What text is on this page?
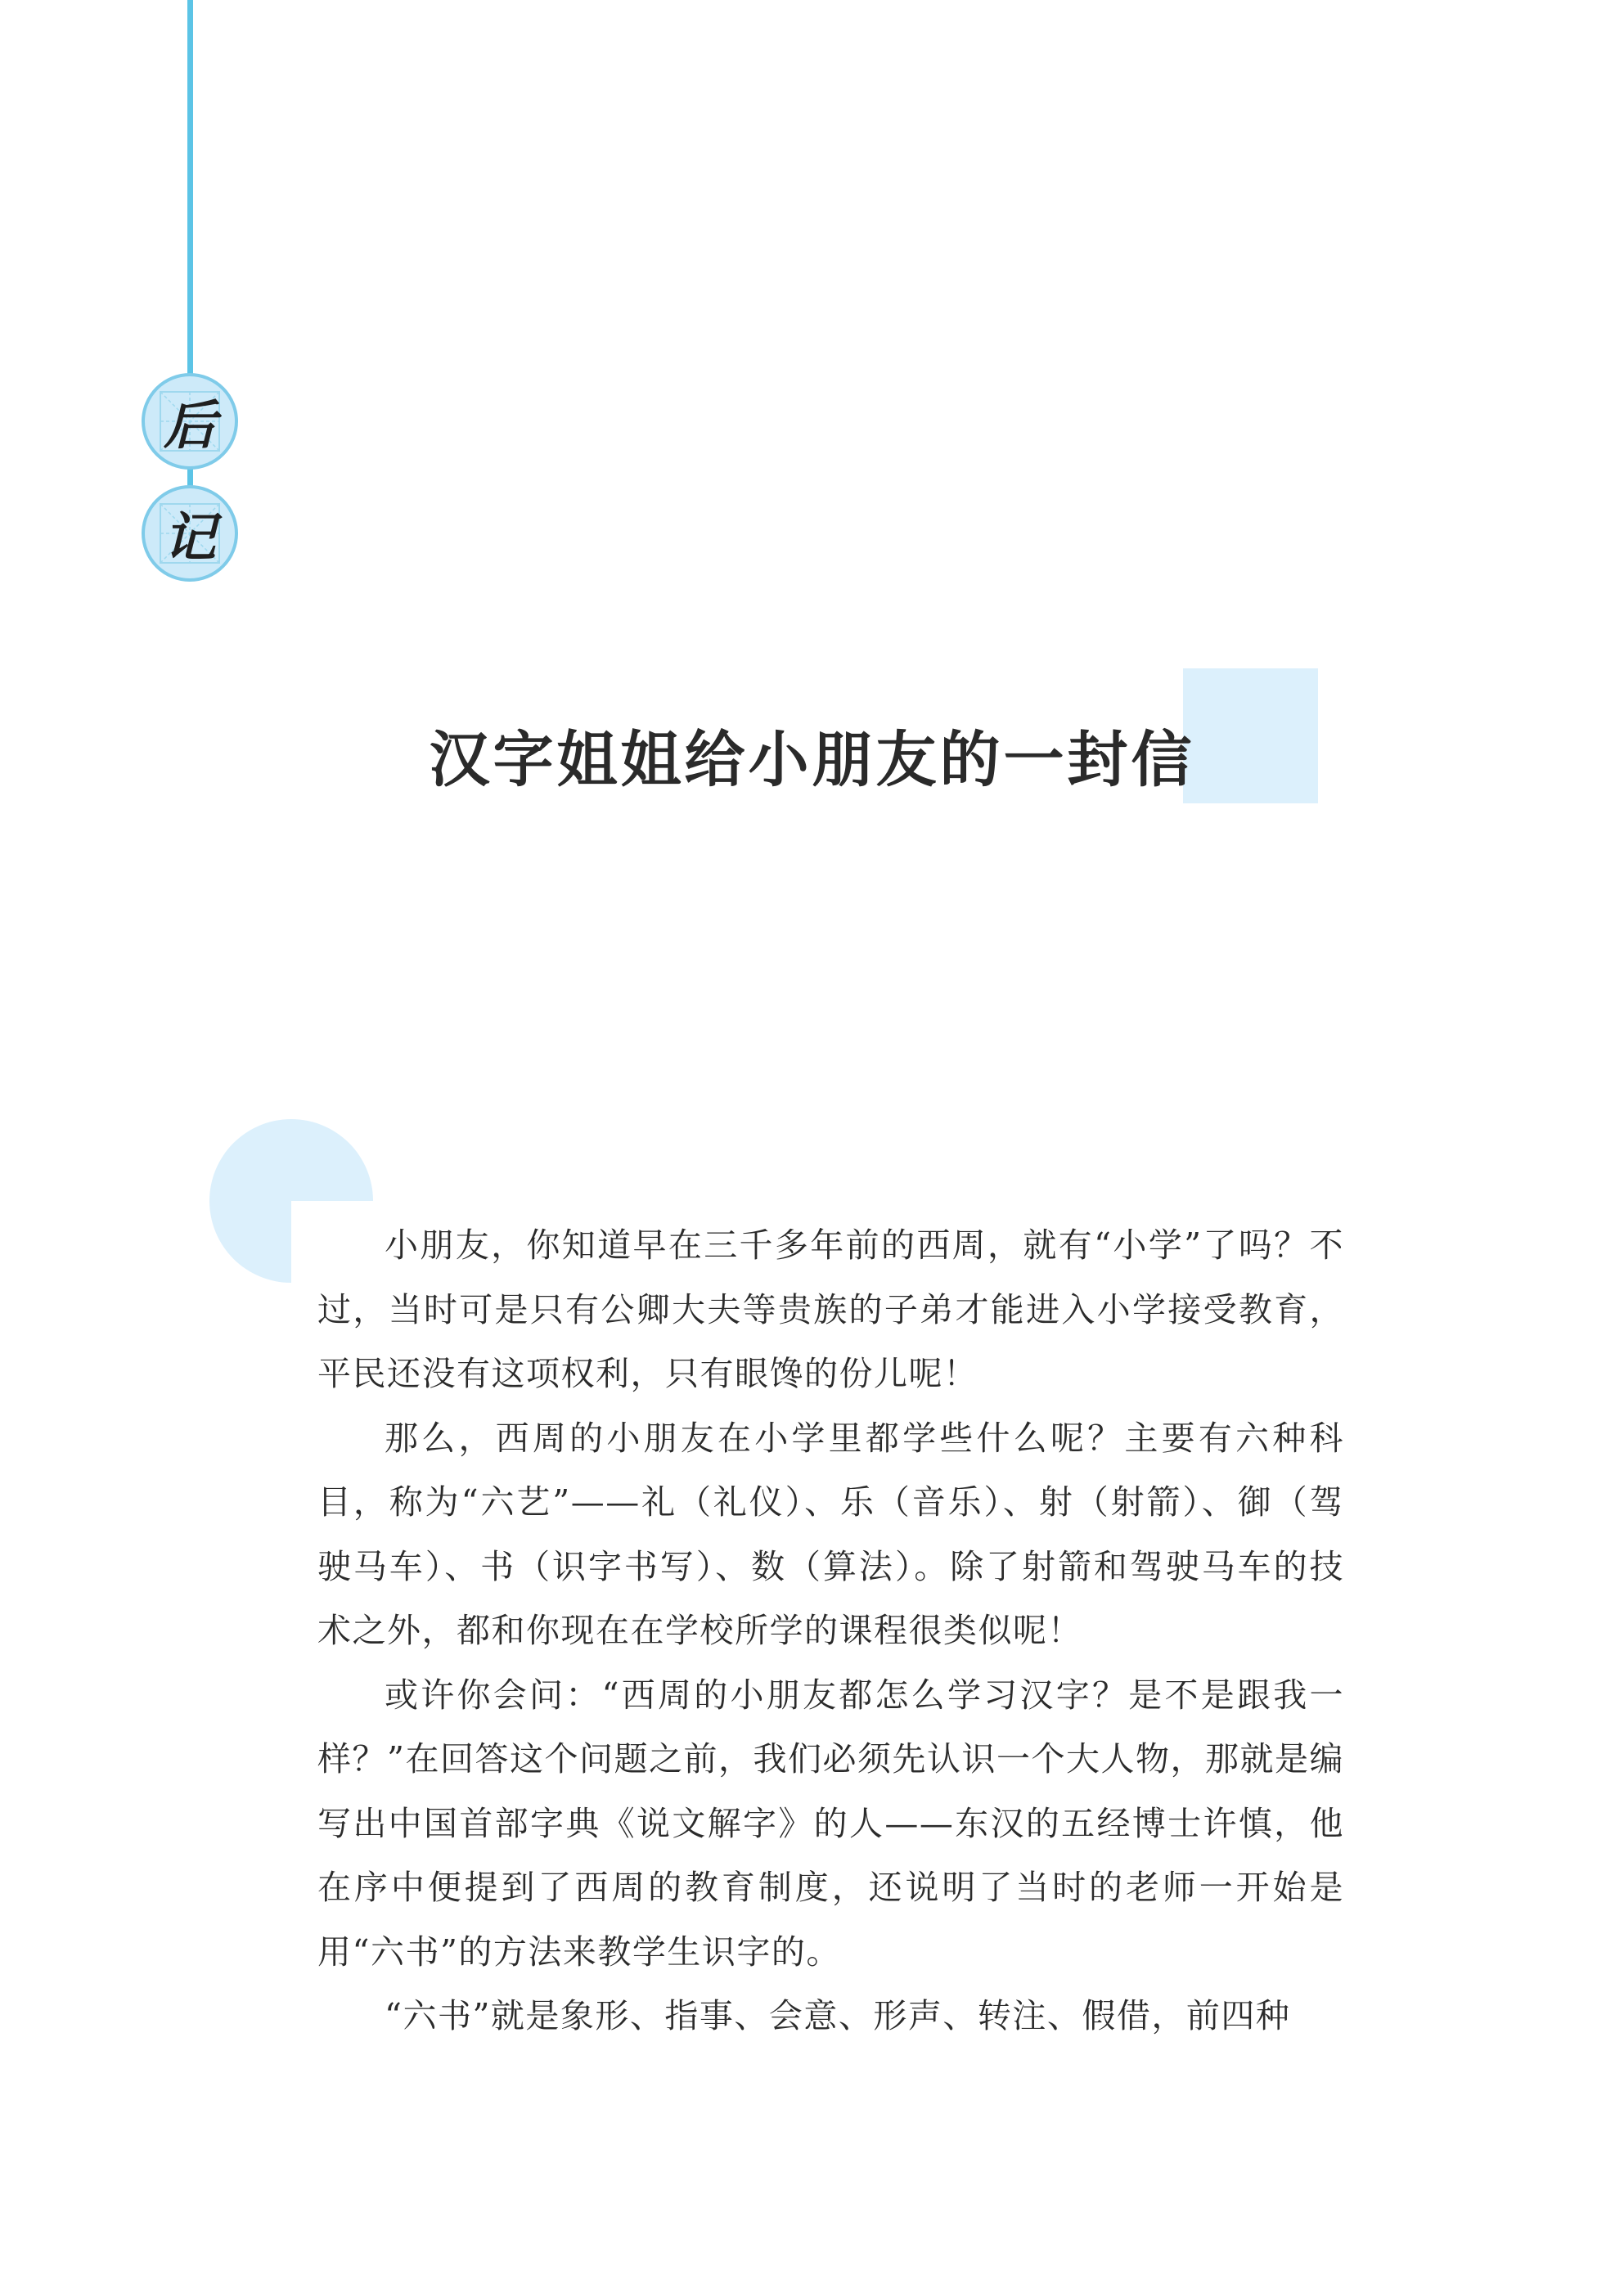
后
记
汉字姐姐给小朋友的一封信

小朋友，你知道早在三千多年前的西周，就有“小学”了吗？不过，当时可是只有公卿大夫等贵族的子弟才能进入小学接受教育，平民还没有这项权利，只有眼馋的份儿呢！

那么，西周的小朋友在小学里都学些什么呢？主要有六种科目，称为“六艺”——礼（礼仪）、乐（音乐）、射（射箭）、御（驾驶马车）、书（识字书写）、数（算法）。除了射箭和驾驶马车的技术之外，都和你现在在学校所学的课程很类似呢！

或许你会问：“西周的小朋友都怎么学习汉字？是不是跟我一样？”在回答这个问题之前，我们必须先认识一个大人物，那就是编写出中国首部字典《说文解字》的人——东汉的五经博士许慎，他在序中便提到了西周的教育制度，还说明了当时的老师一开始是用“六书”的方法来教学生识字的。

“六书”就是象形、指事、会意、形声、转注、假借，前四种
